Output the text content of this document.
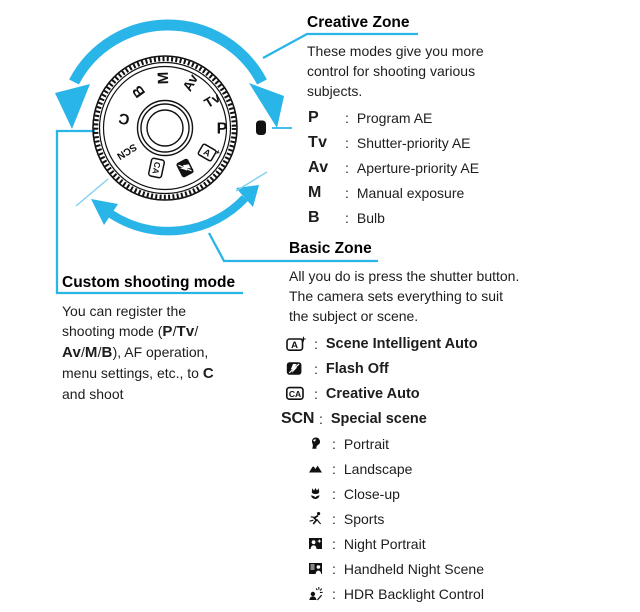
P
Tv
Av
M
B
C
SCN
CA
A +
Creative Zone
These modes give you more
control for shooting various
subjects.
P	: Program AE
Tv	: Shutter-priority AE
Av	: Aperture-priority AE
M	: Manual exposure
B	: Bulb
Basic Zone
All you do is press the shutter button.
The camera sets everything to suit
the subject or scene.
A
+ : Scene Intelligent Auto
: Flash Off
CA : Creative Auto
SCN : Special scene
: Portrait
: Landscape
: Close-up
: Sports
: Night Portrait
: Handheld Night Scene
: HDR Backlight Control
Custom shooting mode
You can register the
shooting mode (P/Tv/
Av/M/B), AF operation,
menu settings, etc., to C
and shoot
